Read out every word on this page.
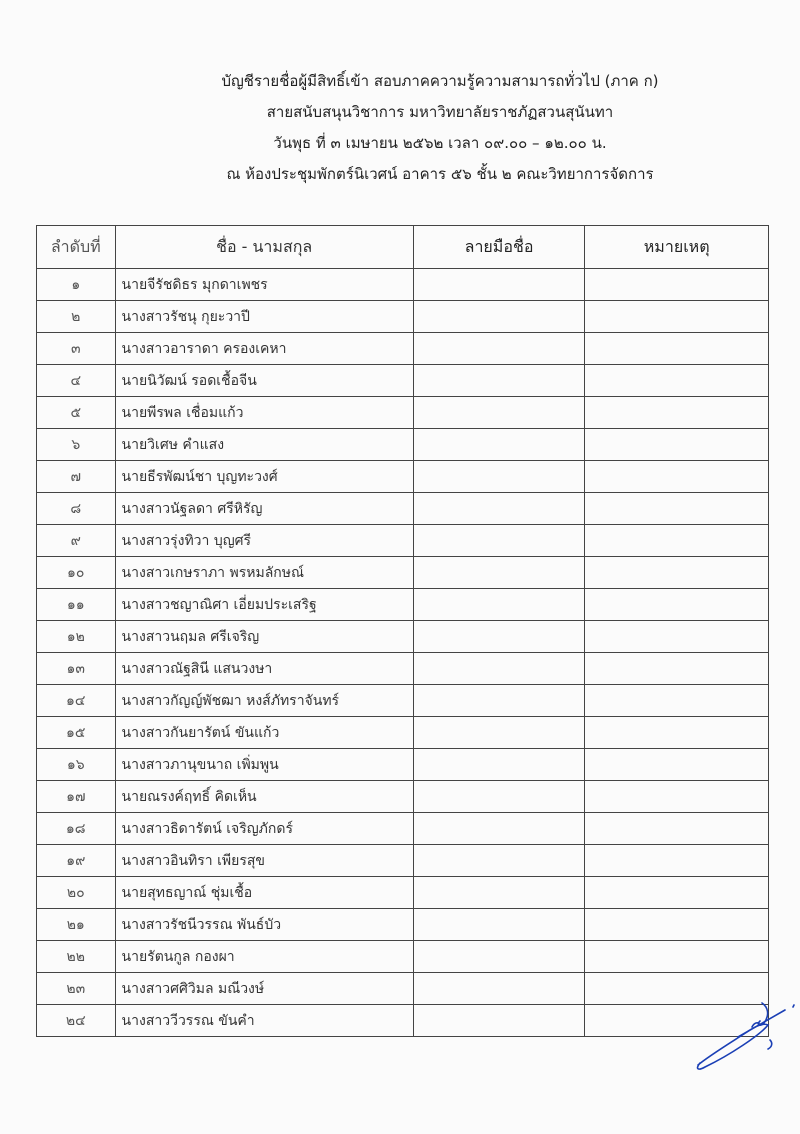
บัญชีรายชื่อผู้มีสิทธิ์เข้า สอบภาคความรู้ความสามารถทั่วไป (ภาค ก)
สายสนับสนุนวิชาการ มหาวิทยาลัยราชภัฏสวนสุนันทา
วันพุธ ที่ ๓ เมษายน ๒๕๖๒ เวลา ๐๙.๐๐ – ๑๒.๐๐ น.
ณ ห้องประชุมพักตร์นิเวศน์ อาคาร ๕๖ ชั้น ๒ คณะวิทยาการจัดการ
ลำดับที่	ชื่อ - นามสกุล	ลายมือชื่อ	หมายเหตุ
๑	นายจีรัชดิธร มุกดาเพชร		
๒	นางสาวรัชนุ กุยะวาปี		
๓	นางสาวอาราดา ครองเคหา		
๔	นายนิวัฒน์ รอดเชื้อจีน		
๕	นายพีรพล เชื่อมแก้ว		
๖	นายวิเศษ คำแสง		
๗	นายธีรพัฒน์ชา บุญทะวงศ์		
๘	นางสาวนัฐลดา ศรีหิรัญ		
๙	นางสาวรุ่งทิวา บุญศรี		
๑๐	นางสาวเกษราภา พรหมลักษณ์		
๑๑	นางสาวชญาณิศา เอี่ยมประเสริฐ		
๑๒	นางสาวนฤมล ศรีเจริญ		
๑๓	นางสาวณัฐสินี แสนวงษา		
๑๔	นางสาวกัญญ์พัชฒา หงส์ภัทราจันทร์		
๑๕	นางสาวกันยารัตน์ ขันแก้ว		
๑๖	นางสาวภานุขนาถ เพิ่มพูน		
๑๗	นายณรงค์ฤทธิ์ คิดเห็น		
๑๘	นางสาวธิดารัตน์ เจริญภักดร์		
๑๙	นางสาวอินทิรา เพียรสุข		
๒๐	นายสุทธญาณ์ ชุ่มเชื้อ		
๒๑	นางสาวรัชนีวรรณ พันธ์บัว		
๒๒	นายรัตนกูล กองผา		
๒๓	นางสาวศศิวิมล มณีวงษ์		
๒๔	นางสาววีวรรณ ขันคำ		
